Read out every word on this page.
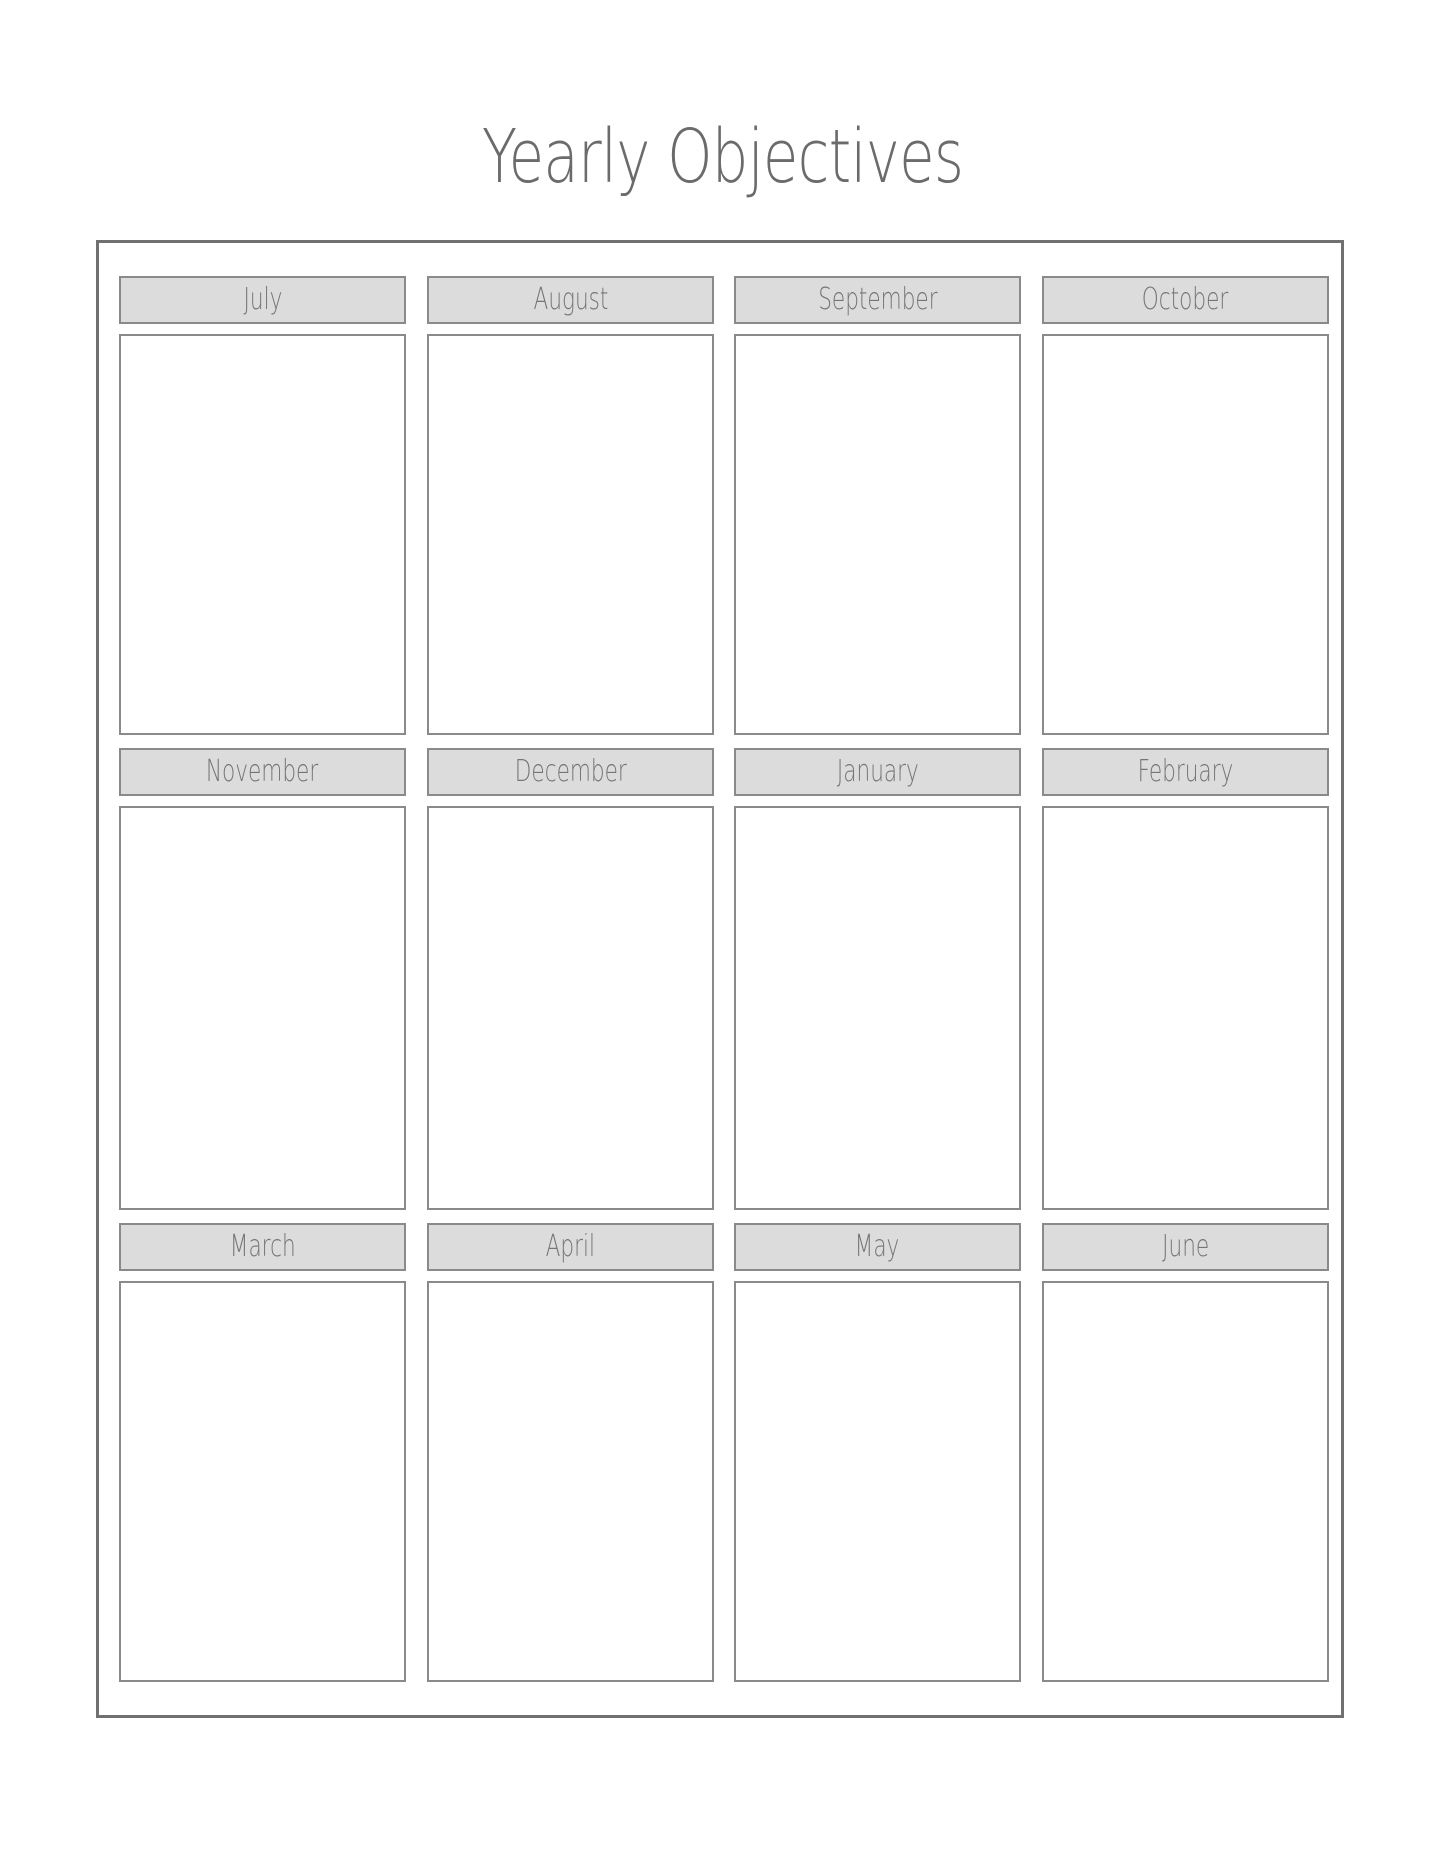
Yearly Objectives
July	August	September	October
November	December	January	February
March	April	May	June
